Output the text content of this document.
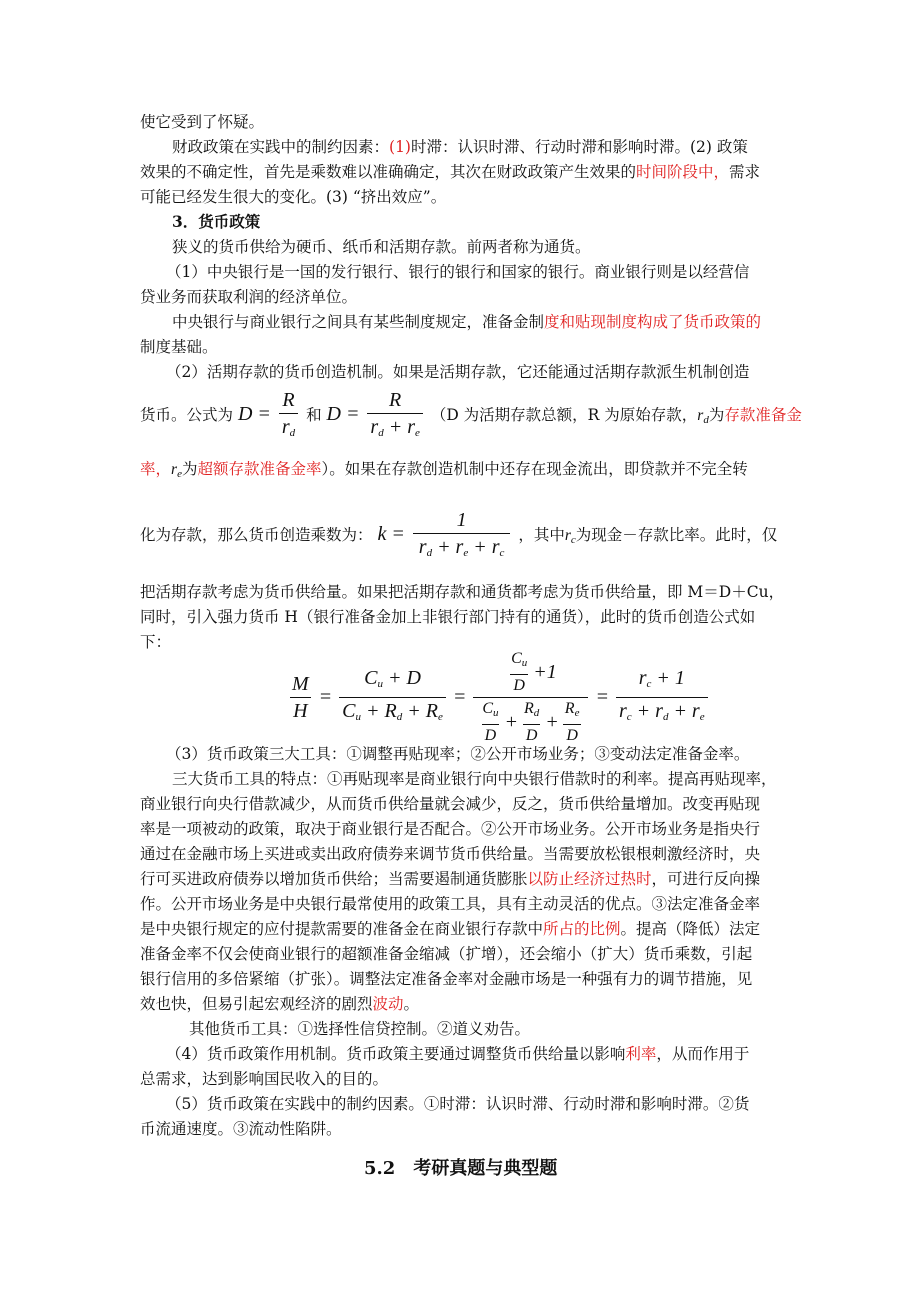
使它受到了怀疑。
财政政策在实践中的制约因素：(1)时滞：认识时滞、行动时滞和影响时滞。(2) 政策
效果的不确定性，首先是乘数难以准确确定，其次在财政政策产生效果的时间阶段中，需求
可能已经发生很大的变化。(3) “挤出效应”。
3．货币政策
狭义的货币供给为硬币、纸币和活期存款。前两者称为通货。
（1）中央银行是一国的发行银行、银行的银行和国家的银行。商业银行则是以经营信
贷业务而获取利润的经济单位。
中央银行与商业银行之间具有某些制度规定，准备金制度和贴现制度构成了货币政策的
制度基础。
（2）活期存款的货币创造机制。如果是活期存款，它还能通过活期存款派生机制创造
货币。公式为 $D = \frac{R}{r_d}$ 和 $D = \frac{R}{r_d + r_e} (D$ 为活期存款总额，R 为原始存款，$r_d$为存款准备金
率，$r_e$为超额存款准备金率）。如果在存款创造机制中还存在现金流出，即贷款并不完全转
化为存款，那么货币创造乘数为： $k = \frac{1}{r_d + r_e + r_c}$ ，其中$r_c$为现金－存款比率。此时，仅
把活期存款考虑为货币供给量。如果把活期存款和通货都考虑为货币供给量，即 M＝D＋Cu，
同时，引入强力货币 H（银行准备金加上非银行部门持有的通货），此时的货币创造公式如
下：
$\frac{M}{H} = \frac{C_u + D}{C_u + R_d + R_e} = \frac{\frac{C_u}{D} +1}{\frac{C_u}{D} + \frac{R_d}{D} + \frac{R_e}{D}} = \frac{r_c + 1}{r_c + r_d + r_e}$
（3）货币政策三大工具：①调整再贴现率；②公开市场业务；③变动法定准备金率。
三大货币工具的特点：①再贴现率是商业银行向中央银行借款时的利率。提高再贴现率，
商业银行向央行借款减少，从而货币供给量就会减少，反之，货币供给量增加。改变再贴现
率是一项被动的政策，取决于商业银行是否配合。②公开市场业务。公开市场业务是指央行
通过在金融市场上买进或卖出政府债券来调节货币供给量。当需要放松银根刺激经济时，央
行可买进政府债券以增加货币供给；当需要遏制通货膨胀以防止经济过热时，可进行反向操
作。公开市场业务是中央银行最常使用的政策工具，具有主动灵活的优点。③法定准备金率
是中央银行规定的应付提款需要的准备金在商业银行存款中所占的比例。提高（降低）法定
准备金率不仅会使商业银行的超额准备金缩减（扩增），还会缩小（扩大）货币乘数，引起
银行信用的多倍紧缩（扩张）。调整法定准备金率对金融市场是一种强有力的调节措施，见
效也快，但易引起宏观经济的剧烈波动。
其他货币工具：①选择性信贷控制。②道义劝告。
（4）货币政策作用机制。货币政策主要通过调整货币供给量以影响利率，从而作用于
总需求，达到影响国民收入的目的。
（5）货币政策在实践中的制约因素。①时滞：认识时滞、行动时滞和影响时滞。②货
币流通速度。③流动性陷阱。
5.2　考研真题与典型题
